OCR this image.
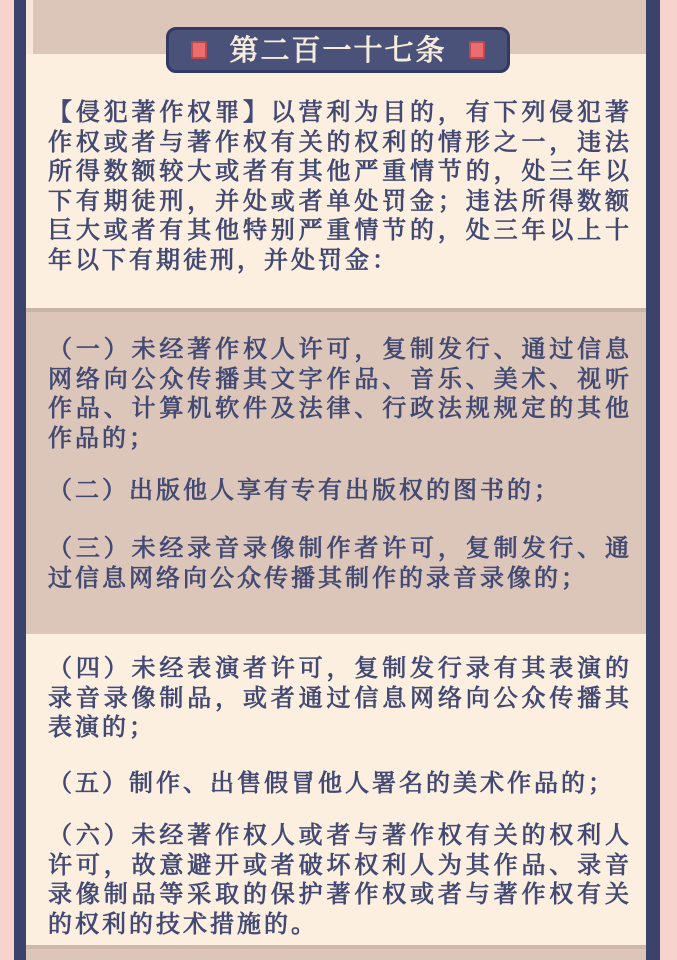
【侵犯著作权罪】以营利为目的，有下列侵犯著作权或者与著作权有关的权利的情形之一，违法所得数额较大或者有其他严重情节的，处三年以下有期徒刑，并处或者单处罚金；违法所得数额巨大或者有其他特别严重情节的，处三年以上十年以下有期徒刑，并处罚金：

（一）未经著作权人许可，复制发行、通过信息网络向公众传播其文字作品、音乐、美术、视听作品、计算机软件及法律、行政法规规定的其他作品的；

（二）出版他人享有专有出版权的图书的；

（三）未经录音录像制作者许可，复制发行、通过信息网络向公众传播其制作的录音录像的；

（四）未经表演者许可，复制发行录有其表演的录音录像制品，或者通过信息网络向公众传播其表演的；

（五）制作、出售假冒他人署名的美术作品的；

（六）未经著作权人或者与著作权有关的权利人许可，故意避开或者破坏权利人为其作品、录音录像制品等采取的保护著作权或者与著作权有关的权利的技术措施的。

第二百一十七条
